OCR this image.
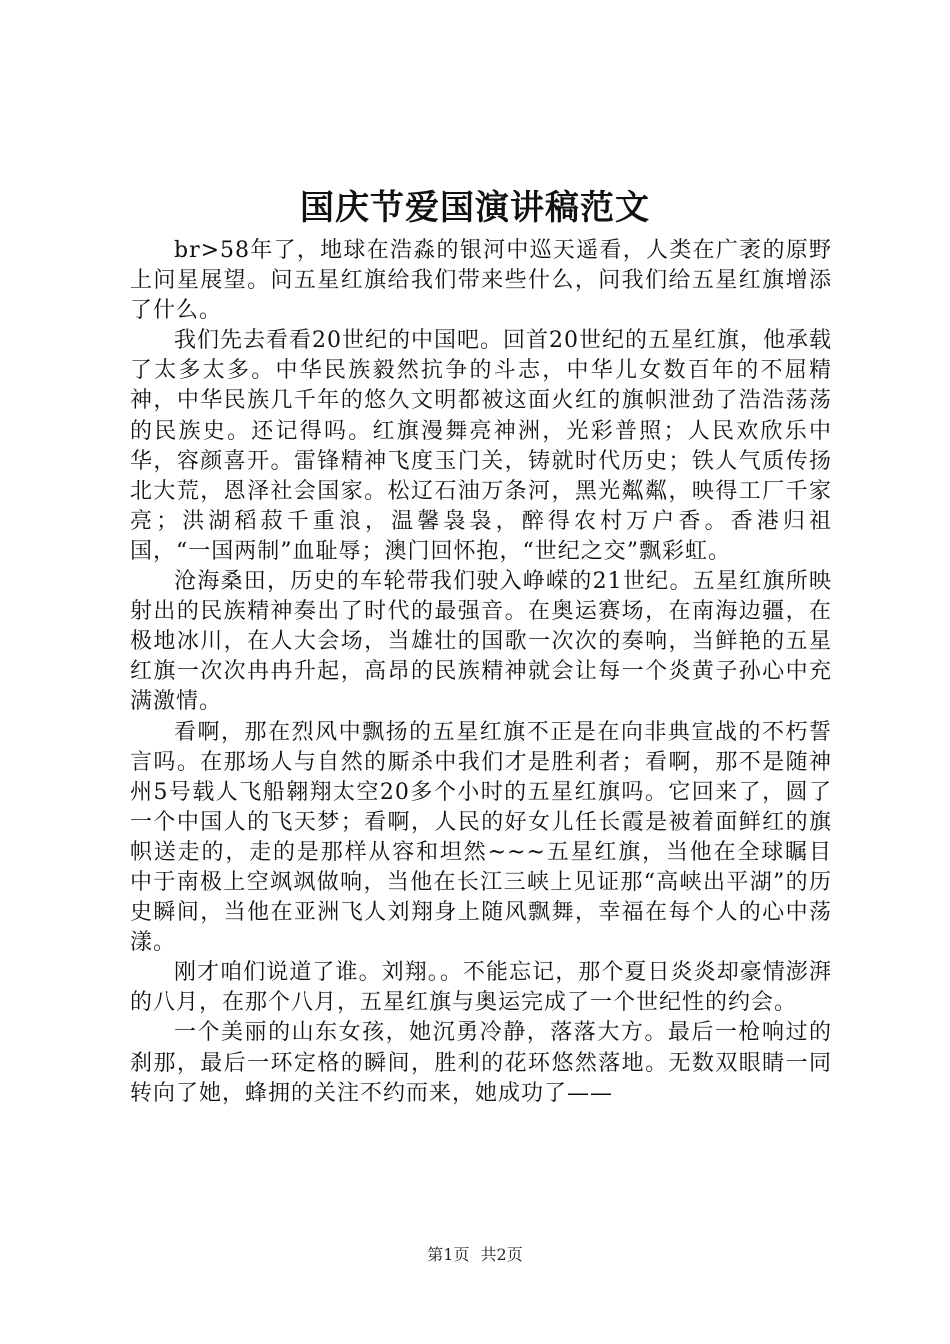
国庆节爱国演讲稿范文

br>58年了，地球在浩淼的银河中巡天遥看，人类在广袤的原野上问星展望。问五星红旗给我们带来些什么，问我们给五星红旗增添了什么。

我们先去看看20世纪的中国吧。回首20世纪的五星红旗，他承载了太多太多。中华民族毅然抗争的斗志，中华儿女数百年的不屈精神，中华民族几千年的悠久文明都被这面火红的旗帜泄劲了浩浩荡荡的民族史。还记得吗。红旗漫舞亮神洲，光彩普照；人民欢欣乐中华，容颜喜开。雷锋精神飞度玉门关，铸就时代历史；铁人气质传扬北大荒，恩泽社会国家。松辽石油万条河，黑光粼粼，映得工厂千家亮；洪湖稻菽千重浪，温馨袅袅，醉得农村万户香。香港归祖国，“一国两制”血耻辱；澳门回怀抱，“世纪之交”飘彩虹。

沧海桑田，历史的车轮带我们驶入峥嵘的21世纪。五星红旗所映射出的民族精神奏出了时代的最强音。在奥运赛场，在南海边疆，在极地冰川，在人大会场，当雄壮的国歌一次次的奏响，当鲜艳的五星红旗一次次冉冉升起，高昂的民族精神就会让每一个炎黄子孙心中充满激情。

看啊，那在烈风中飘扬的五星红旗不正是在向非典宣战的不朽誓言吗。在那场人与自然的厮杀中我们才是胜利者；看啊，那不是随神州5号载人飞船翱翔太空20多个小时的五星红旗吗。它回来了，圆了一个中国人的飞天梦；看啊，人民的好女儿任长霞是被着面鲜红的旗帜送走的，走的是那样从容和坦然~~~五星红旗，当他在全球瞩目中于南极上空飒飒做响，当他在长江三峡上见证那“高峡出平湖”的历史瞬间，当他在亚洲飞人刘翔身上随风飘舞，幸福在每个人的心中荡漾。

刚才咱们说道了谁。刘翔。。不能忘记，那个夏日炎炎却豪情澎湃的八月，在那个八月，五星红旗与奥运完成了一个世纪性的约会。

一个美丽的山东女孩，她沉勇冷静，落落大方。最后一枪响过的刹那，最后一环定格的瞬间，胜利的花环悠然落地。无数双眼睛一同转向了她，蜂拥的关注不约而来，她成功了——

第1页 共2页
